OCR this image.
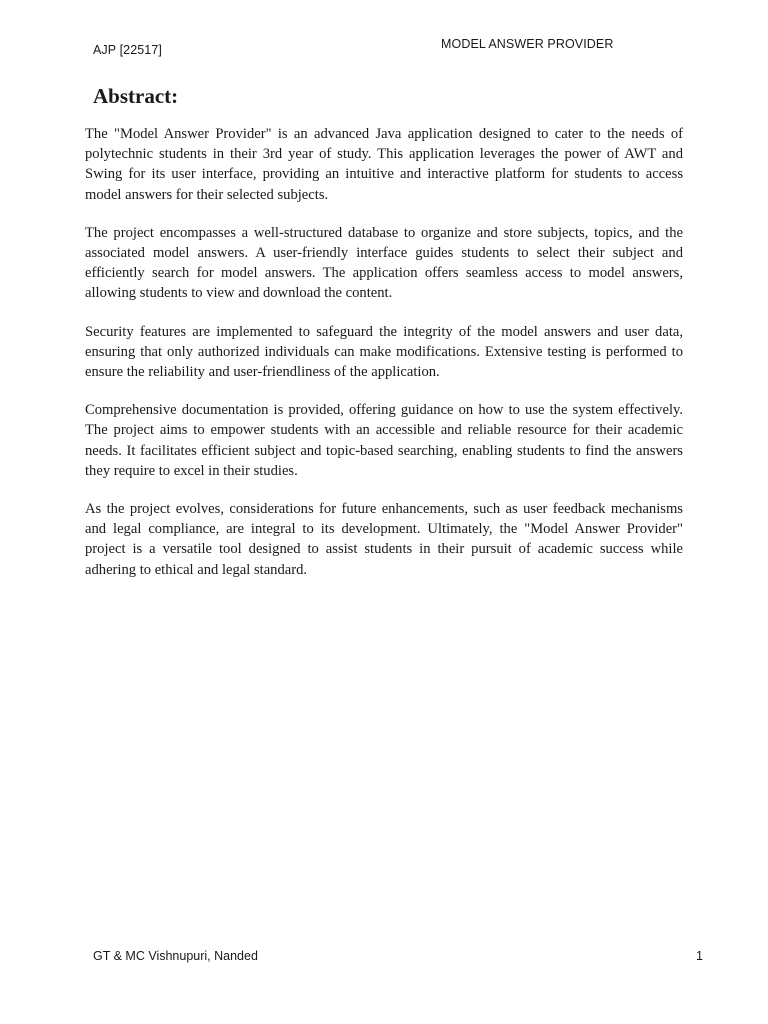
AJP [22517]	MODEL ANSWER PROVIDER
Abstract:

The "Model Answer Provider" is an advanced Java application designed to cater to the needs of polytechnic students in their 3rd year of study. This application leverages the power of AWT and Swing for its user interface, providing an intuitive and interactive platform for students to access model answers for their selected subjects.

The project encompasses a well-structured database to organize and store subjects, topics, and the associated model answers. A user-friendly interface guides students to select their subject and efficiently search for model answers. The application offers seamless access to model answers, allowing students to view and download the content.

Security features are implemented to safeguard the integrity of the model answers and user data, ensuring that only authorized individuals can make modifications. Extensive testing is performed to ensure the reliability and user-friendliness of the application.

Comprehensive documentation is provided, offering guidance on how to use the system effectively. The project aims to empower students with an accessible and reliable resource for their academic needs. It facilitates efficient subject and topic-based searching, enabling students to find the answers they require to excel in their studies.

As the project evolves, considerations for future enhancements, such as user feedback mechanisms and legal compliance, are integral to its development. Ultimately, the "Model Answer Provider" project is a versatile tool designed to assist students in their pursuit of academic success while adhering to ethical and legal standard.

GT & MC Vishnupuri, Nanded	1
